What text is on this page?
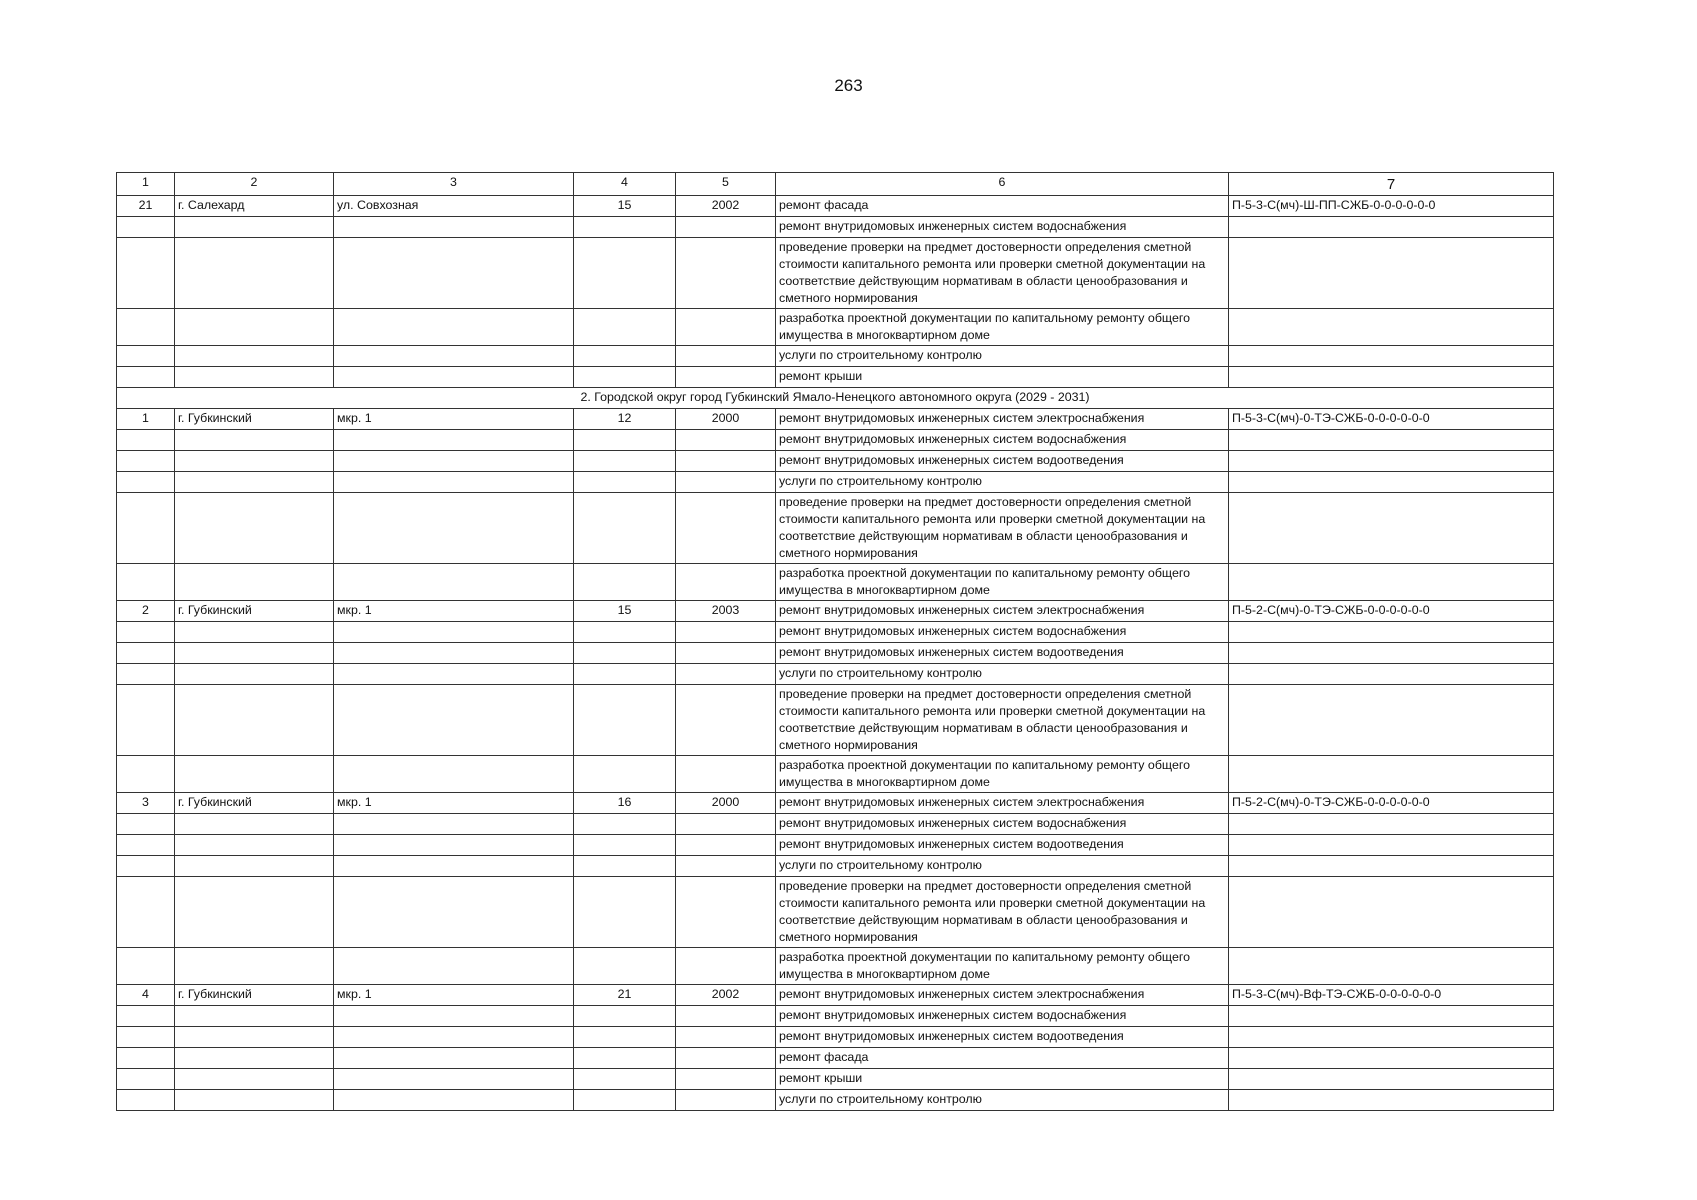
263
1	2	3	4	5	6	7
21	г. Салехард	ул. Совхозная	15	2002	ремонт фасада	П-5-3-С(мч)-Ш-ПП-СЖБ-0-0-0-0-0-0
					ремонт внутридомовых инженерных систем водоснабжения	
					проведение проверки на предмет достоверности определения сметной стоимости капитального ремонта или проверки сметной документации на соответствие действующим нормативам в области ценообразования и сметного нормирования	
					разработка проектной документации по капитальному ремонту общего имущества в многоквартирном доме	
					услуги по строительному контролю	
					ремонт крыши	
2. Городской округ город Губкинский Ямало-Ненецкого автономного округа (2029 - 2031)						
1	г. Губкинский	мкр. 1	12	2000	ремонт внутридомовых инженерных систем электроснабжения	П-5-3-С(мч)-0-ТЭ-СЖБ-0-0-0-0-0-0
					ремонт внутридомовых инженерных систем водоснабжения	
					ремонт внутридомовых инженерных систем водоотведения	
					услуги по строительному контролю	
					проведение проверки на предмет достоверности определения сметной стоимости капитального ремонта или проверки сметной документации на соответствие действующим нормативам в области ценообразования и сметного нормирования	
					разработка проектной документации по капитальному ремонту общего имущества в многоквартирном доме	
2	г. Губкинский	мкр. 1	15	2003	ремонт внутридомовых инженерных систем электроснабжения	П-5-2-С(мч)-0-ТЭ-СЖБ-0-0-0-0-0-0
					ремонт внутридомовых инженерных систем водоснабжения	
					ремонт внутридомовых инженерных систем водоотведения	
					услуги по строительному контролю	
					проведение проверки на предмет достоверности определения сметной стоимости капитального ремонта или проверки сметной документации на соответствие действующим нормативам в области ценообразования и сметного нормирования	
					разработка проектной документации по капитальному ремонту общего имущества в многоквартирном доме	
3	г. Губкинский	мкр. 1	16	2000	ремонт внутридомовых инженерных систем электроснабжения	П-5-2-С(мч)-0-ТЭ-СЖБ-0-0-0-0-0-0
					ремонт внутридомовых инженерных систем водоснабжения	
					ремонт внутридомовых инженерных систем водоотведения	
					услуги по строительному контролю	
					проведение проверки на предмет достоверности определения сметной стоимости капитального ремонта или проверки сметной документации на соответствие действующим нормативам в области ценообразования и сметного нормирования	
					разработка проектной документации по капитальному ремонту общего имущества в многоквартирном доме	
4	г. Губкинский	мкр. 1	21	2002	ремонт внутридомовых инженерных систем электроснабжения	П-5-3-С(мч)-Вф-ТЭ-СЖБ-0-0-0-0-0-0
					ремонт внутридомовых инженерных систем водоснабжения	
					ремонт внутридомовых инженерных систем водоотведения	
					ремонт фасада	
					ремонт крыши	
					услуги по строительному контролю	
